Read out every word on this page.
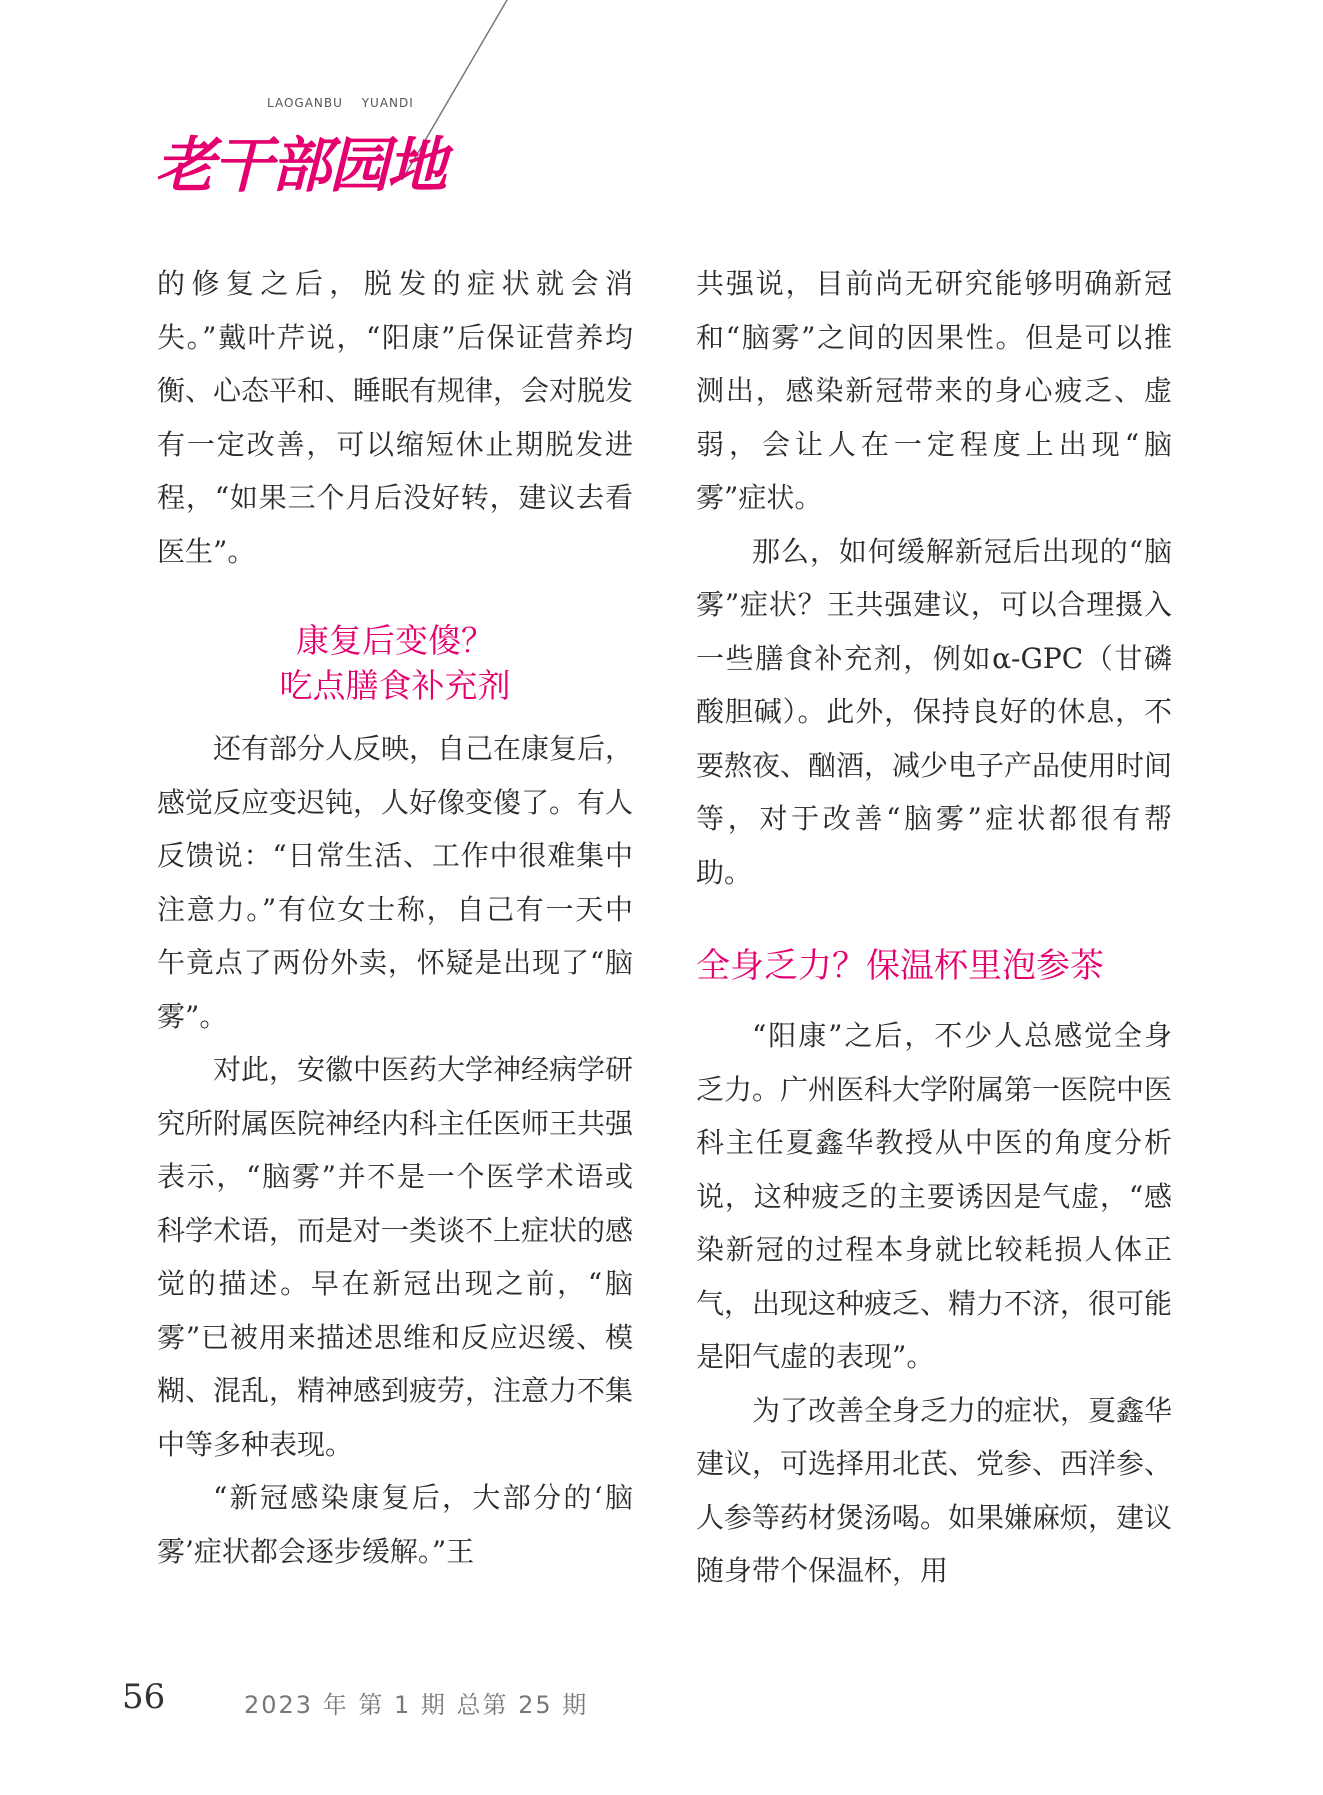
LAOGANBU YUANDI
老干部园地

的修复之后，脱发的症状就会消失。”戴叶芹说，“阳康”后保证营养均衡、心态平和、睡眠有规律，会对脱发有一定改善，可以缩短休止期脱发进程，“如果三个月后没好转，建议去看医生”。

康复后变傻？
吃点膳食补充剂

还有部分人反映，自己在康复后，感觉反应变迟钝，人好像变傻了。有人反馈说：“日常生活、工作中很难集中注意力。”有位女士称，自己有一天中午竟点了两份外卖，怀疑是出现了“脑雾”。

对此，安徽中医药大学神经病学研究所附属医院神经内科主任医师王共强表示，“脑雾”并不是一个医学术语或科学术语，而是对一类谈不上症状的感觉的描述。早在新冠出现之前，“脑雾”已被用来描述思维和反应迟缓、模糊、混乱，精神感到疲劳，注意力不集中等多种表现。

“新冠感染康复后，大部分的‘脑雾’症状都会逐步缓解。”王

共强说，目前尚无研究能够明确新冠和“脑雾”之间的因果性。但是可以推测出，感染新冠带来的身心疲乏、虚弱，会让人在一定程度上出现“脑雾”症状。

那么，如何缓解新冠后出现的“脑雾”症状？王共强建议，可以合理摄入一些膳食补充剂，例如α-GPC（甘磷酸胆碱）。此外，保持良好的休息，不要熬夜、酗酒，减少电子产品使用时间等，对于改善“脑雾”症状都很有帮助。

全身乏力？保温杯里泡参茶

“阳康”之后，不少人总感觉全身乏力。广州医科大学附属第一医院中医科主任夏鑫华教授从中医的角度分析说，这种疲乏的主要诱因是气虚，“感染新冠的过程本身就比较耗损人体正气，出现这种疲乏、精力不济，很可能是阳气虚的表现”。

为了改善全身乏力的症状，夏鑫华建议，可选择用北芪、党参、西洋参、人参等药材煲汤喝。如果嫌麻烦，建议随身带个保温杯，用

56	2023 年 第 1 期 总第 25 期
